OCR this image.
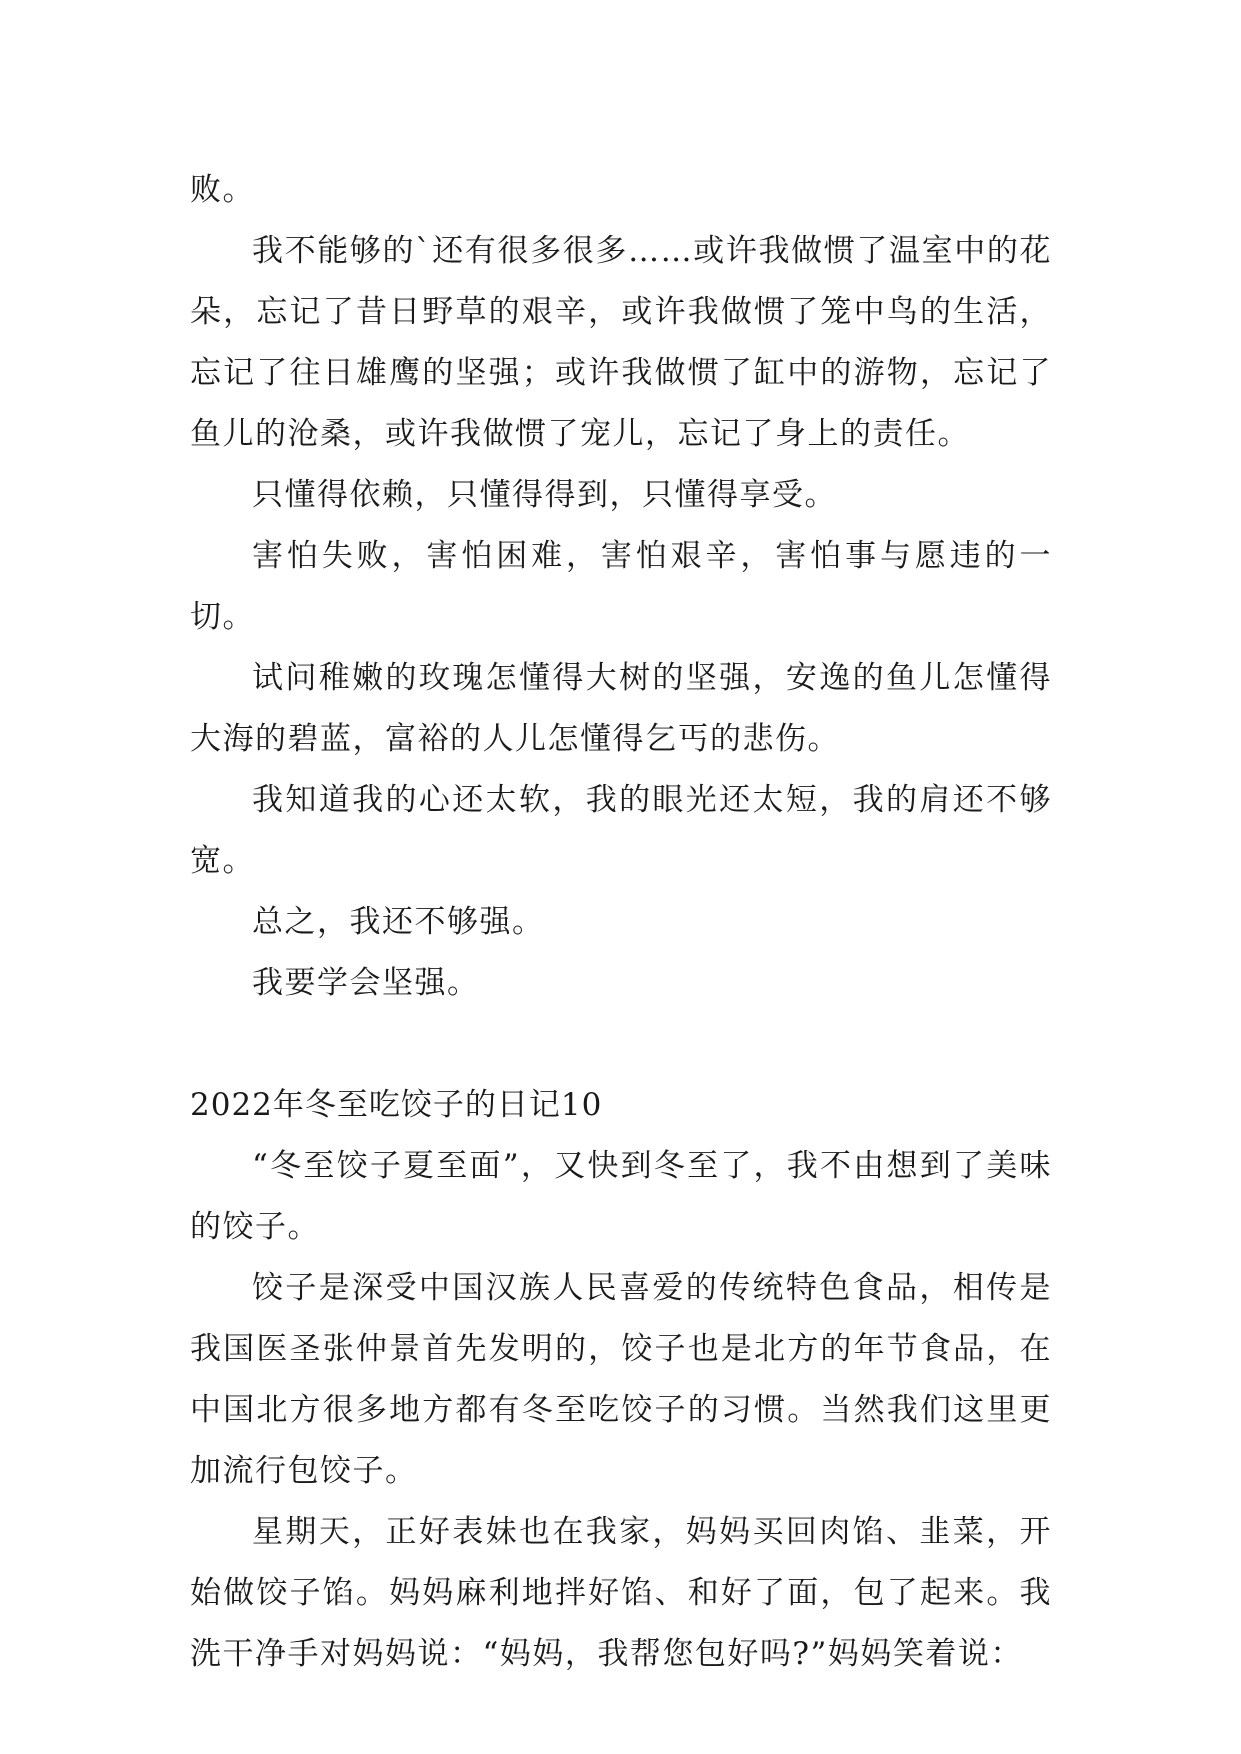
败。

我不能够的`还有很多很多……或许我做惯了温室中的花朵，忘记了昔日野草的艰辛，或许我做惯了笼中鸟的生活，忘记了往日雄鹰的坚强；或许我做惯了缸中的游物，忘记了鱼儿的沧桑，或许我做惯了宠儿，忘记了身上的责任。

只懂得依赖，只懂得得到，只懂得享受。

害怕失败，害怕困难，害怕艰辛，害怕事与愿违的一切。

试问稚嫩的玫瑰怎懂得大树的坚强，安逸的鱼儿怎懂得大海的碧蓝，富裕的人儿怎懂得乞丐的悲伤。

我知道我的心还太软，我的眼光还太短，我的肩还不够宽。

总之，我还不够强。

我要学会坚强。

2022年冬至吃饺子的日记10

“冬至饺子夏至面”，又快到冬至了，我不由想到了美味的饺子。

饺子是深受中国汉族人民喜爱的传统特色食品，相传是我国医圣张仲景首先发明的，饺子也是北方的年节食品，在中国北方很多地方都有冬至吃饺子的习惯。当然我们这里更加流行包饺子。

星期天，正好表妹也在我家，妈妈买回肉馅、韭菜，开始做饺子馅。妈妈麻利地拌好馅、和好了面，包了起来。我洗干净手对妈妈说：“妈妈，我帮您包好吗?”妈妈笑着说：
